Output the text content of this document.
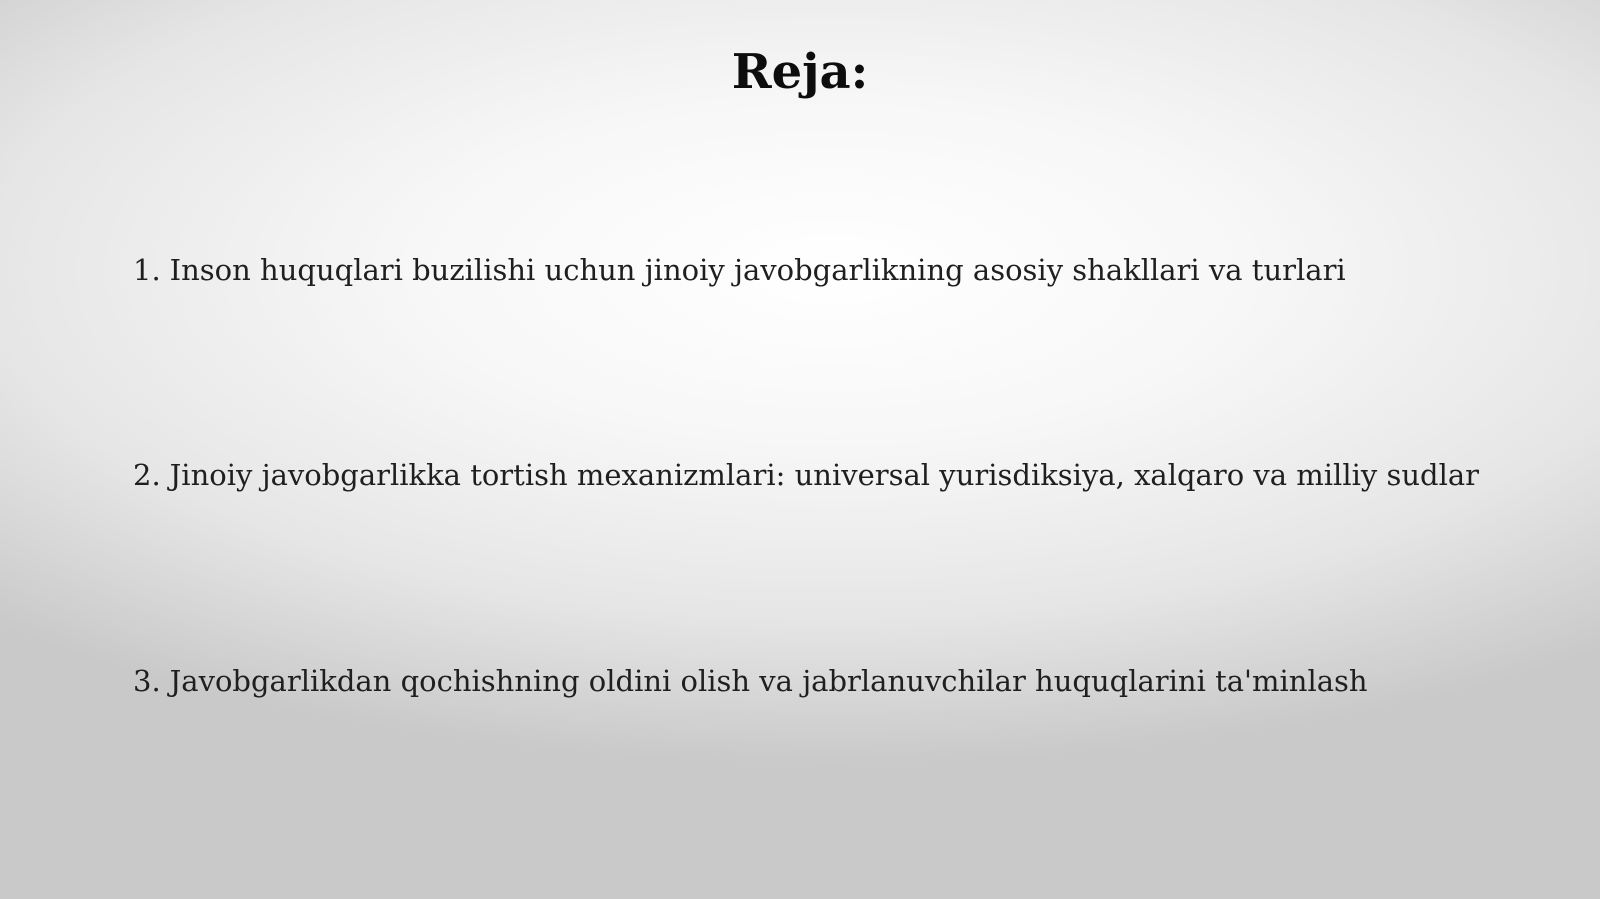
Reja:
1. Inson huquqlari buzilishi uchun jinoiy javobgarlikning asosiy shakllari va turlari
2. Jinoiy javobgarlikka tortish mexanizmlari: universal yurisdiksiya, xalqaro va milliy sudlar
3. Javobgarlikdan qochishning oldini olish va jabrlanuvchilar huquqlarini ta'minlash
